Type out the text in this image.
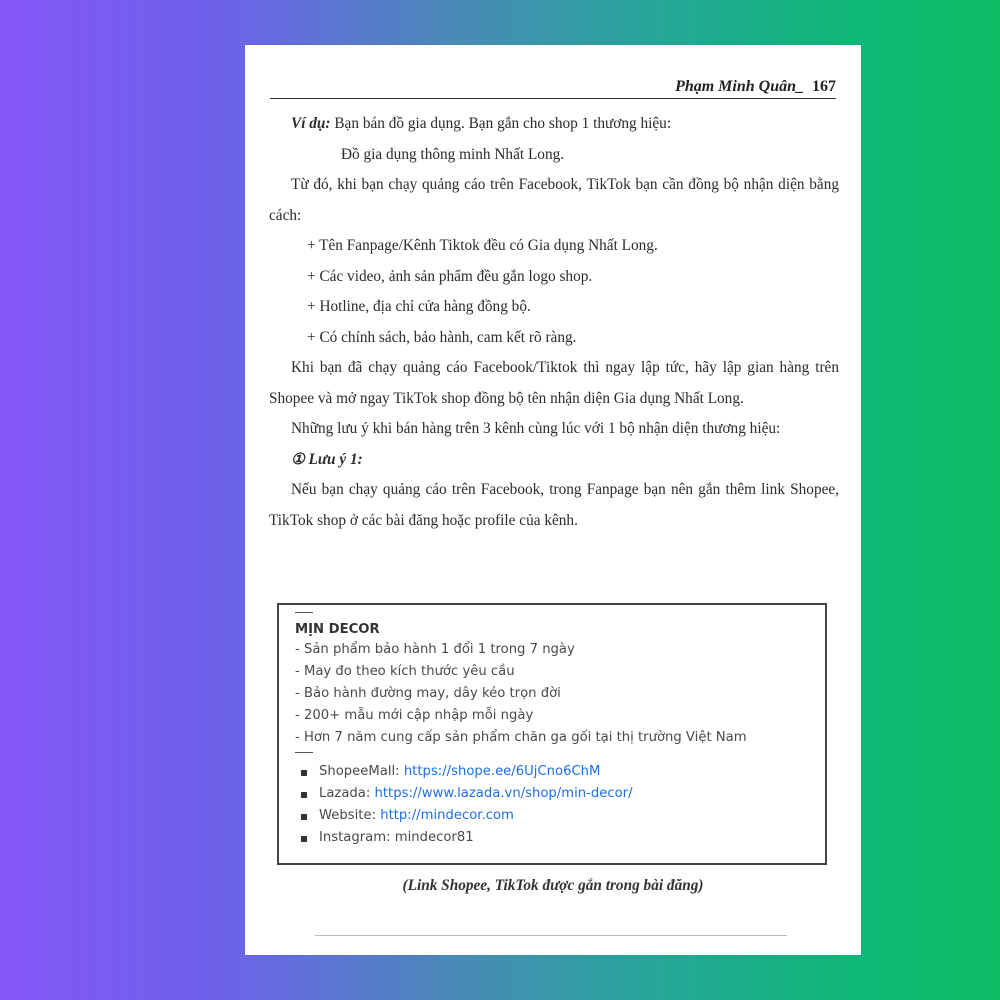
Phạm Minh Quân_ 167

Ví dụ: Bạn bán đồ gia dụng. Bạn gắn cho shop 1 thương hiệu:

Đồ gia dụng thông minh Nhất Long.

Từ đó, khi bạn chạy quảng cáo trên Facebook, TikTok bạn cần đồng bộ nhận diện bằng cách:

+ Tên Fanpage/Kênh Tiktok đều có Gia dụng Nhất Long.

+ Các video, ảnh sản phẩm đều gắn logo shop.

+ Hotline, địa chỉ cửa hàng đồng bộ.

+ Có chính sách, bảo hành, cam kết rõ ràng.

Khi bạn đã chạy quảng cáo Facebook/Tiktok thì ngay lập tức, hãy lập gian hàng trên Shopee và mở ngay TikTok shop đồng bộ tên nhận diện Gia dụng Nhất Long.

Những lưu ý khi bán hàng trên 3 kênh cùng lúc với 1 bộ nhận diện thương hiệu:

① Lưu ý 1:

Nếu bạn chạy quảng cáo trên Facebook, trong Fanpage bạn nên gắn thêm link Shopee, TikTok shop ở các bài đăng hoặc profile của kênh.

MỊN DECOR
- Sản phẩm bảo hành 1 đổi 1 trong 7 ngày
- May đo theo kích thước yêu cầu
- Bảo hành đường may, dây kéo trọn đời
- 200+ mẫu mới cập nhập mỗi ngày
- Hơn 7 năm cung cấp sản phẩm chăn ga gối tại thị trường Việt Nam
ShopeeMall: https://shope.ee/6UjCno6ChM
Lazada: https://www.lazada.vn/shop/min-decor/
Website: http://mindecor.com
Instagram: mindecor81
(Link Shopee, TikTok được gắn trong bài đăng)
